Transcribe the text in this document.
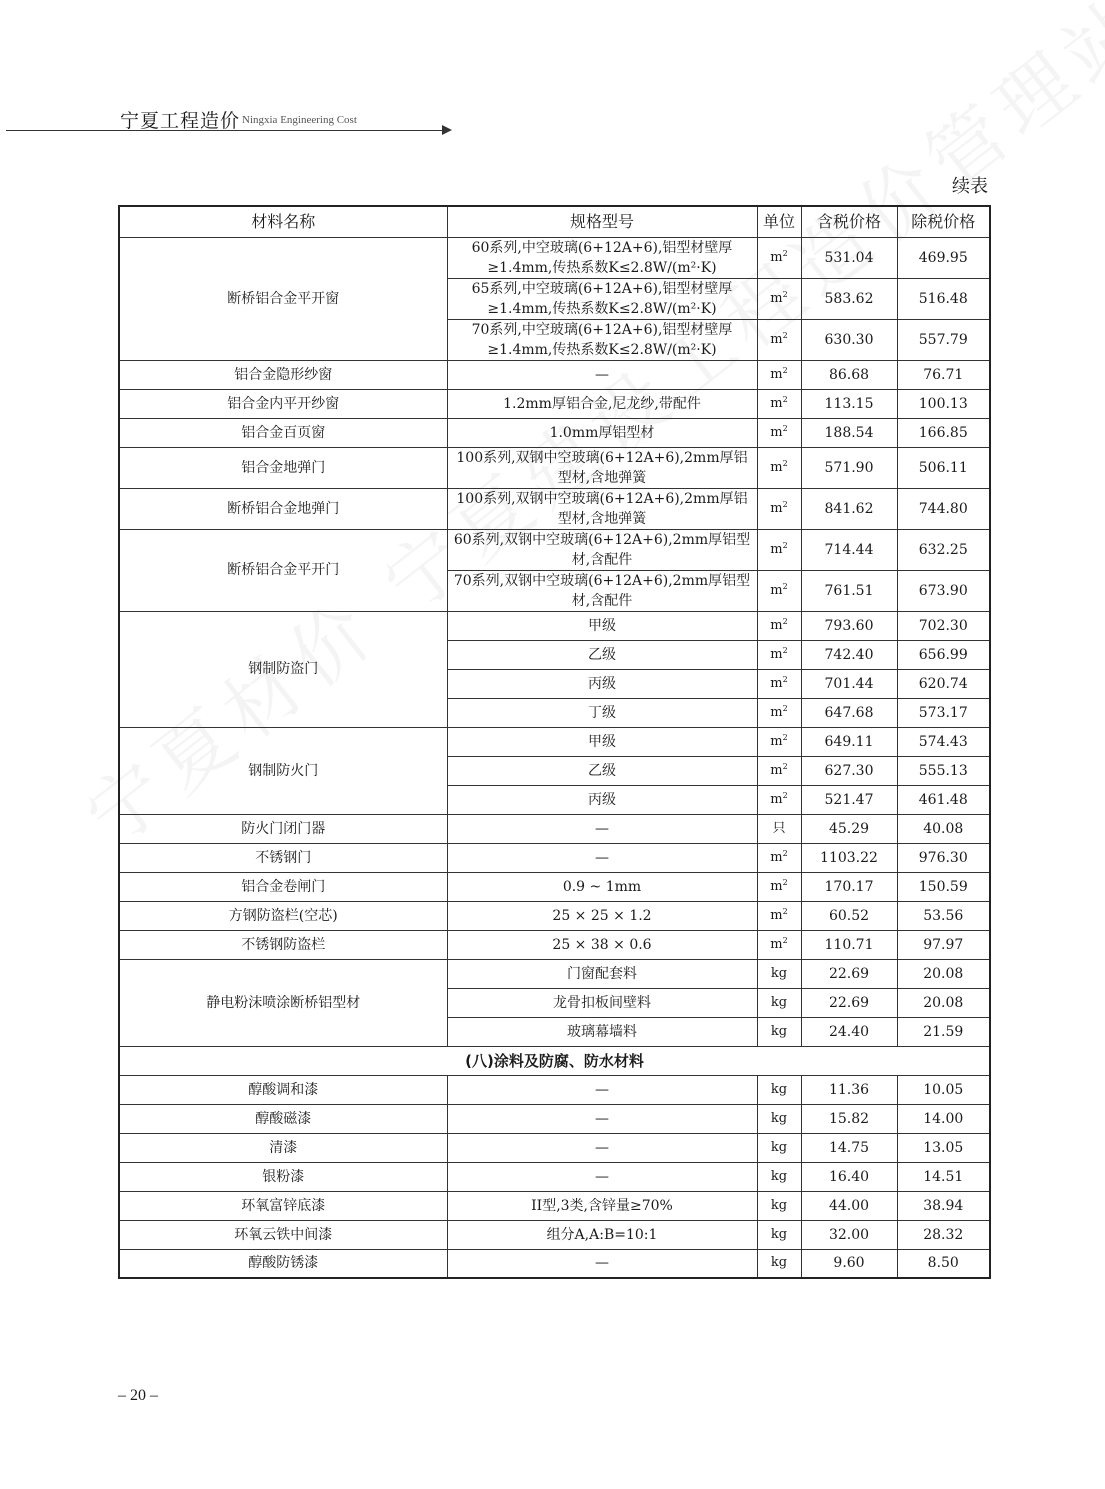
宁夏工程造价 Ningxia Engineering Cost
续表
材料名称	规格型号	单位	含税价格	除税价格
断桥铝合金平开窗	60系列,中空玻璃(6+12A+6),铝型材壁厚≥1.4mm,传热系数K≤2.8W/(m²·K)	$m^2$	531.04	469.95
	65系列,中空玻璃(6+12A+6),铝型材壁厚≥1.4mm,传热系数K≤2.8W/(m²·K)	$m^2$	583.62	516.48
	70系列,中空玻璃(6+12A+6),铝型材壁厚≥1.4mm,传热系数K≤2.8W/(m²·K)	$m^2$	630.30	557.79
铝合金隐形纱窗	—	$m^2$	86.68	76.71
铝合金内平开纱窗	1.2mm厚铝合金,尼龙纱,带配件	$m^2$	113.15	100.13
铝合金百页窗	1.0mm厚铝型材	$m^2$	188.54	166.85
铝合金地弹门	100系列,双钢中空玻璃(6+12A+6),2mm厚铝型材,含地弹簧	$m^2$	571.90	506.11
断桥铝合金地弹门	100系列,双钢中空玻璃(6+12A+6),2mm厚铝型材,含地弹簧	$m^2$	841.62	744.80
断桥铝合金平开门	60系列,双钢中空玻璃(6+12A+6),2mm厚铝型材,含配件	$m^2$	714.44	632.25
	70系列,双钢中空玻璃(6+12A+6),2mm厚铝型材,含配件	$m^2$	761.51	673.90
钢制防盗门	甲级	$m^2$	793.60	702.30
	乙级	$m^2$	742.40	656.99
	丙级	$m^2$	701.44	620.74
	丁级	$m^2$	647.68	573.17
钢制防火门	甲级	$m^2$	649.11	574.43
	乙级	$m^2$	627.30	555.13
	丙级	$m^2$	521.47	461.48
防火门闭门器	—	只	45.29	40.08
不锈钢门	—	$m^2$	1103.22	976.30
铝合金卷闸门	0.9 ~ 1mm	$m^2$	170.17	150.59
方钢防盗栏(空芯)	25 × 25 × 1.2	$m^2$	60.52	53.56
不锈钢防盗栏	25 × 38 × 0.6	$m^2$	110.71	97.97
静电粉沫喷涂断桥铝型材	门窗配套料	kg	22.69	20.08
	龙骨扣板间壁料	kg	22.69	20.08
	玻璃幕墙料	kg	24.40	21.59
(八)涂料及防腐、防水材料				
醇酸调和漆	—	kg	11.36	10.05
醇酸磁漆	—	kg	15.82	14.00
清漆	—	kg	14.75	13.05
银粉漆	—	kg	16.40	14.51
环氧富锌底漆	II型,3类,含锌量≥70%	kg	44.00	38.94
环氧云铁中间漆	组分A,A:B=10:1	kg	32.00	28.32
醇酸防锈漆	—	kg	9.60	8.50
– 20 –
